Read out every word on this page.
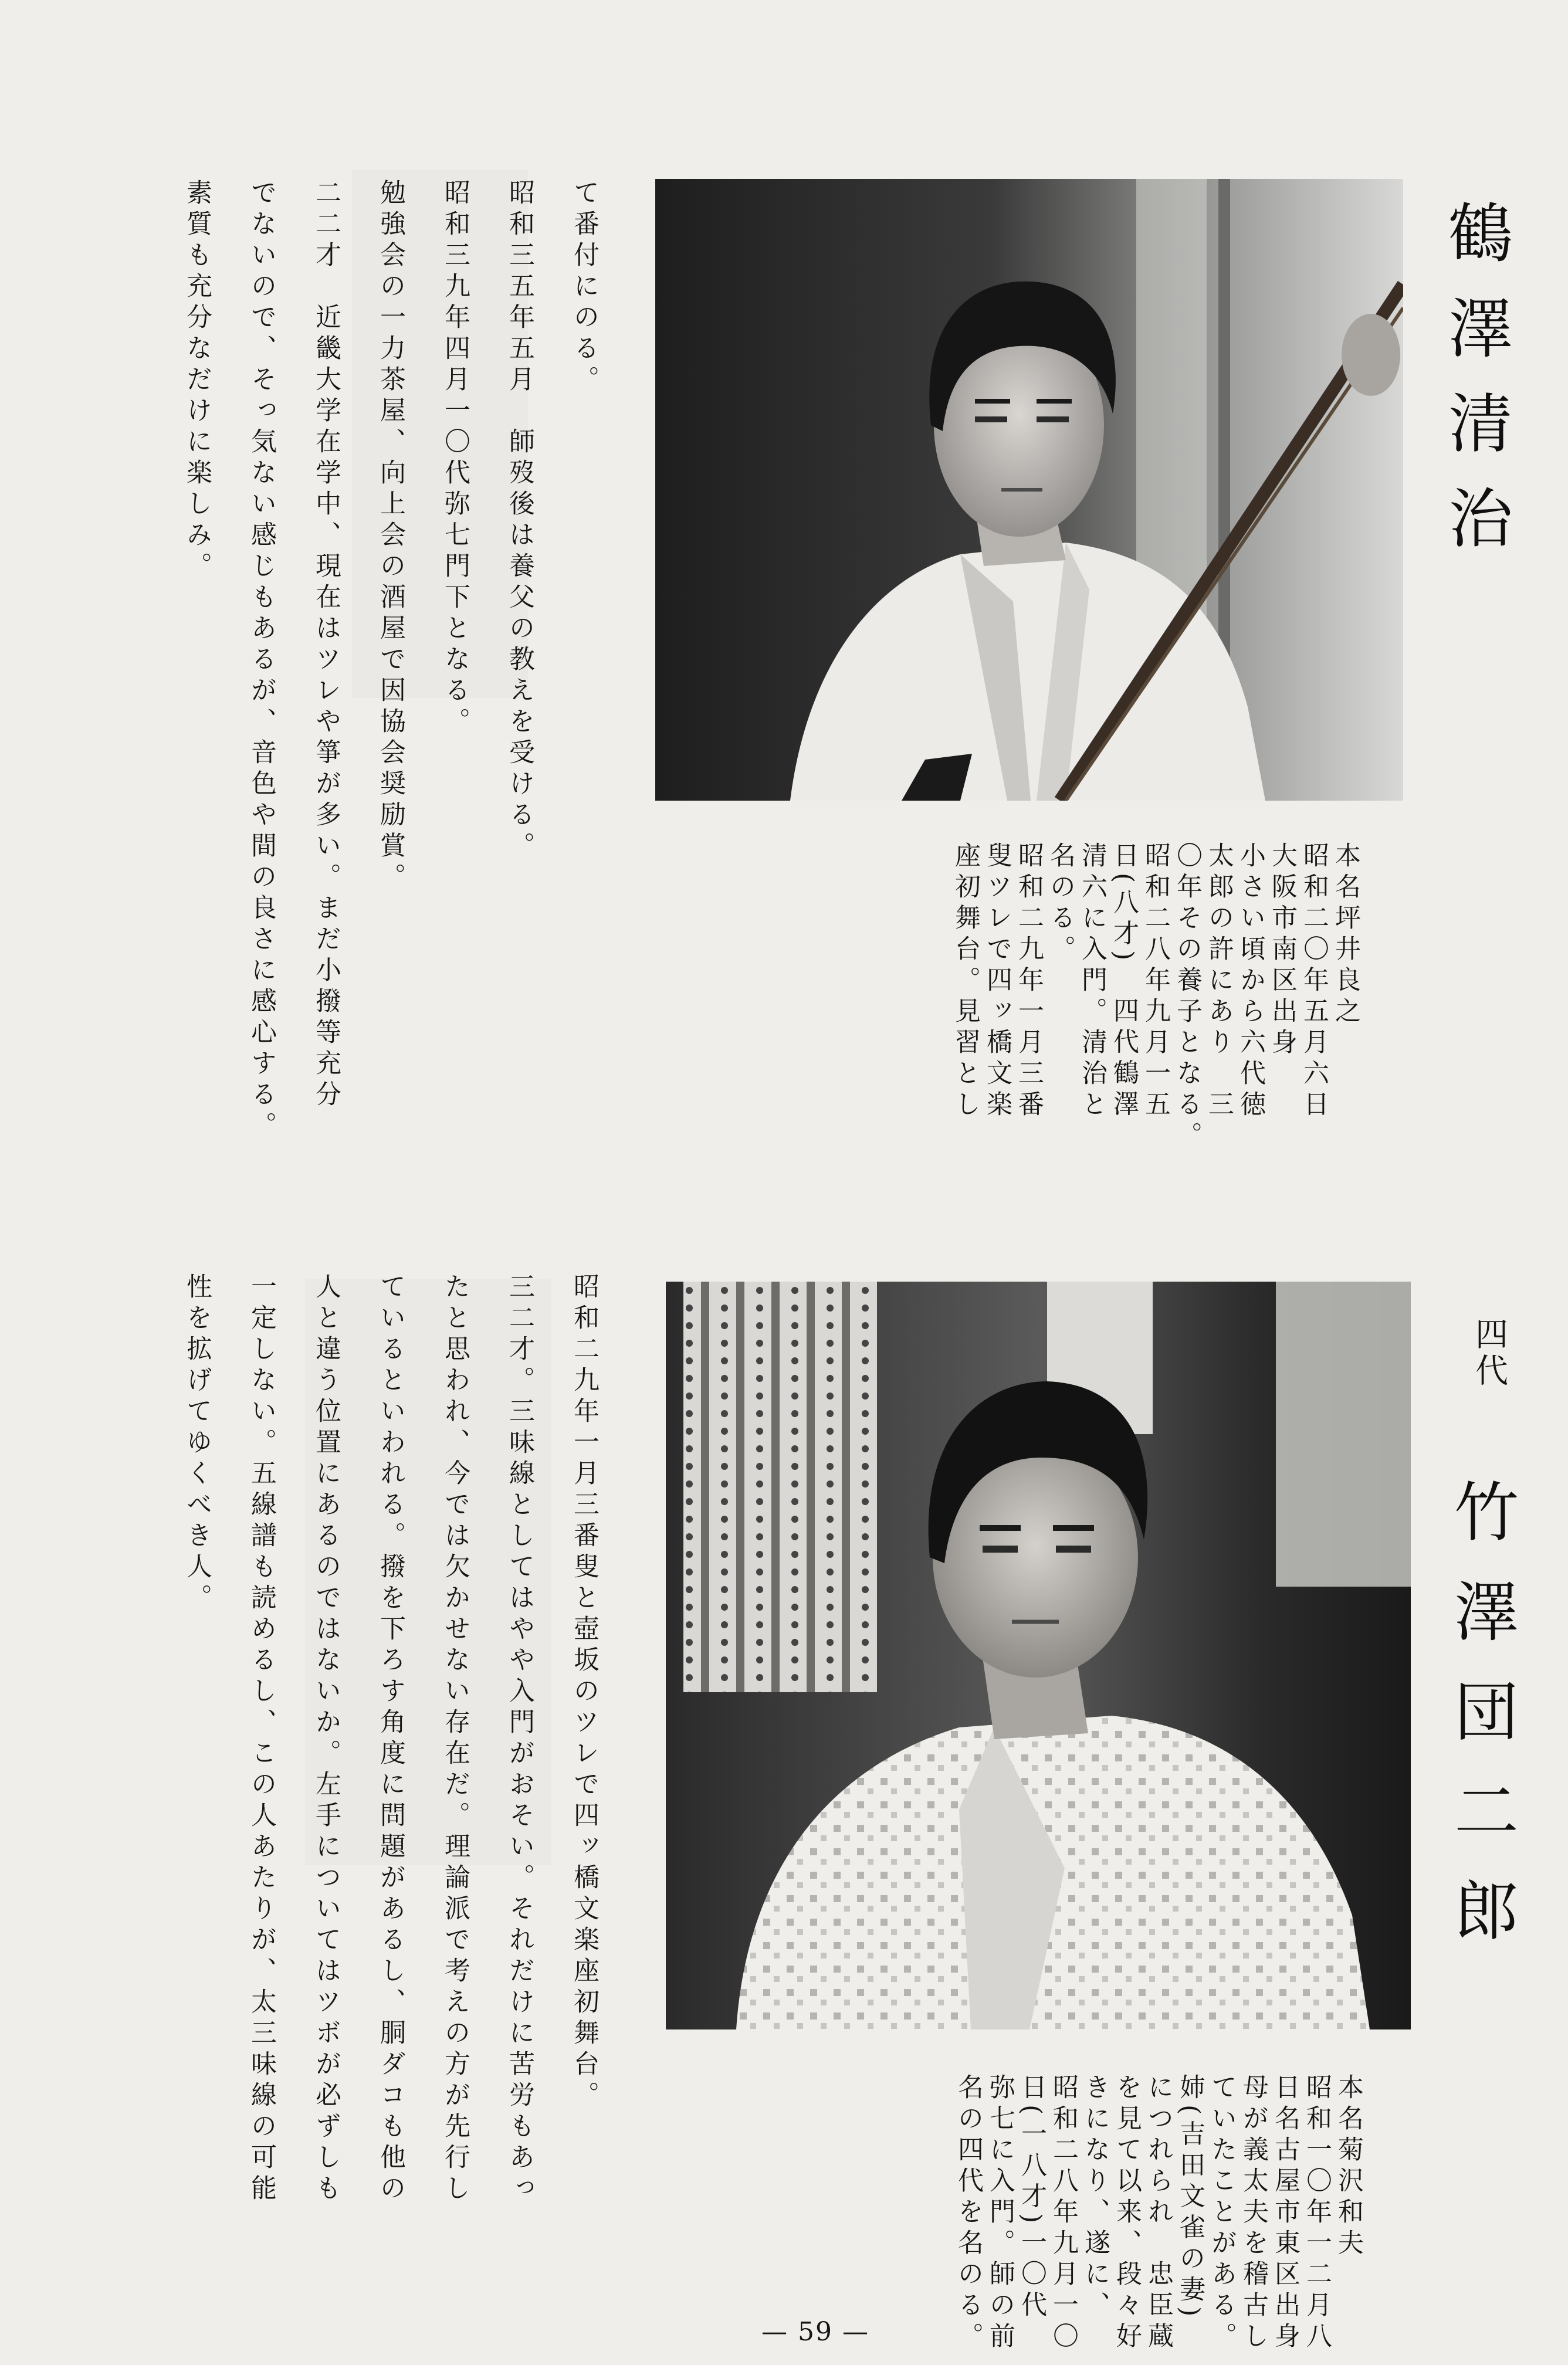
鶴澤清治
本名坪井良之
昭和二〇年五月六日
大阪市南区出身
小さい頃から六代徳
太郎の許にあり　三
〇年その養子となる。
昭和二八年九月一五
日(八才)　四代鶴澤
清六に入門。清治と
名のる。
昭和二九年一月三番
叟ツレで四ッ橋文楽
座初舞台。見習とし
て番付にのる。
昭和三五年五月　師歿後は養父の教えを受ける。
昭和三九年四月一〇代弥七門下となる。
勉強会の一力茶屋、向上会の酒屋で因協会奨励賞。
二二才　近畿大学在学中、現在はツレや箏が多い。まだ小撥等充分
でないので、そっ気ない感じもあるが、音色や間の良さに感心する。
素質も充分なだけに楽しみ。
四代
竹澤団二郎
本名菊沢和夫
昭和一〇年一二月八
日名古屋市東区出身
母が義太夫を稽古し
ていたことがある。
姉(吉田文雀の妻)
につれられ　忠臣蔵
を見て以来、段々好
きになり、遂に、
昭和二八年九月一〇
日(一八才)一〇代
弥七に入門。師の前
名の四代を名のる。
昭和二九年一月三番叟と壺坂のツレで四ッ橋文楽座初舞台。
三二才。三味線としてはやや入門がおそい。それだけに苦労もあっ
たと思われ、今では欠かせない存在だ。理論派で考えの方が先行し
ているといわれる。撥を下ろす角度に問題があるし、胴ダコも他の
人と違う位置にあるのではないか。左手についてはツボが必ずしも
一定しない。五線譜も読めるし、この人あたりが、太三味線の可能
性を拡げてゆくべき人。
— 59 —
